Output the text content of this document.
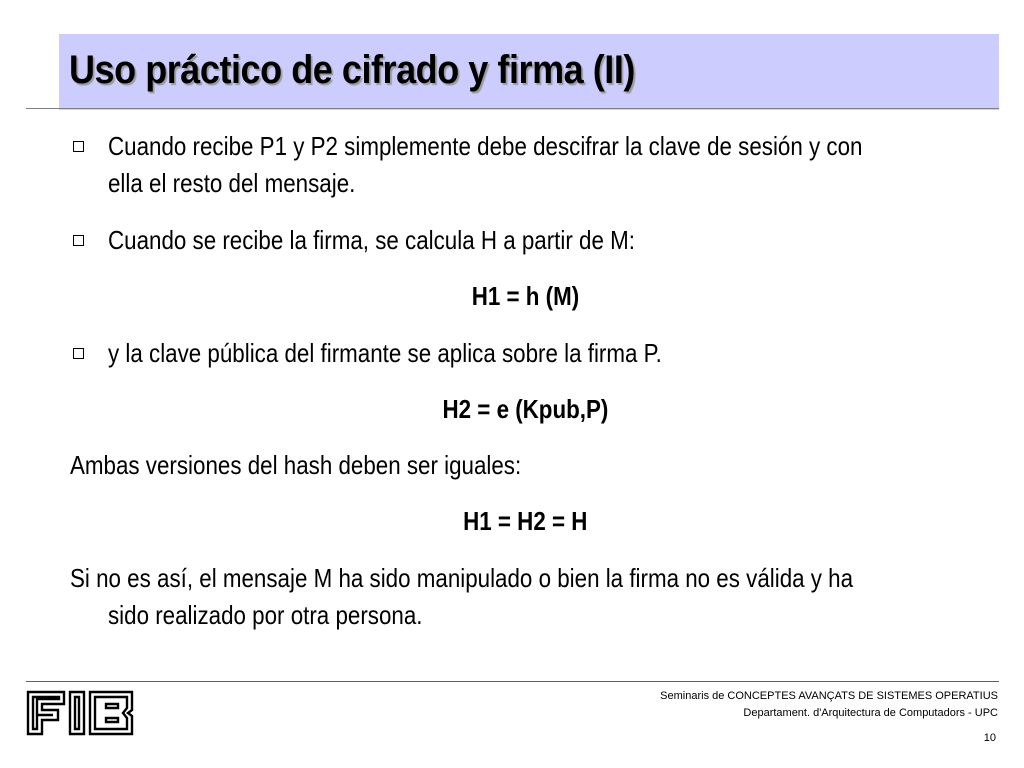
Uso práctico de cifrado y firma (II)
Cuando recibe P1 y P2 simplemente debe descifrar la clave de sesión y con
ella el resto del mensaje.
Cuando se recibe la firma, se calcula H a partir de M:
H1 = h (M)
y la clave pública del firmante se aplica sobre la firma P.
H2 = e (Kpub,P)
Ambas versiones del hash deben ser iguales:
H1 = H2 = H
Si no es así, el mensaje M ha sido manipulado o bien la firma no es válida y ha
sido realizado por otra persona.
Seminaris de CONCEPTES AVANÇATS DE SISTEMES OPERATIUS
Departament. d'Arquitectura de Computadors - UPC
10
